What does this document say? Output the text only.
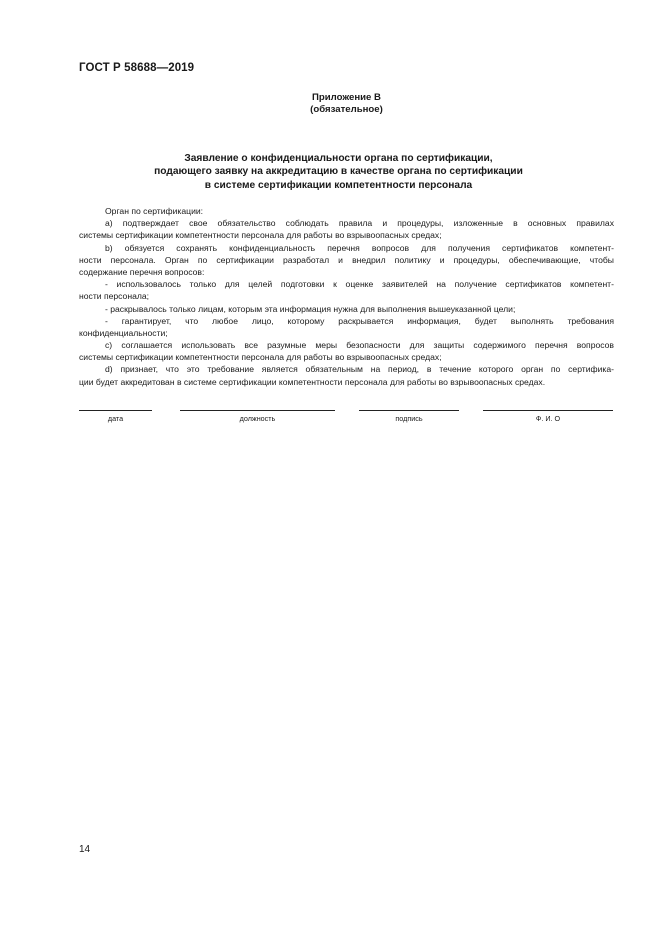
ГОСТ Р 58688—2019
Приложение В
(обязательное)
Заявление о конфиденциальности органа по сертификации,
подающего заявку на аккредитацию в качестве органа по сертификации
в системе сертификации компетентности персонала
Орган по сертификации:
a) подтверждает свое обязательство соблюдать правила и процедуры, изложенные в основных правилах
системы сертификации компетентности персонала для работы во взрывоопасных средах;
b) обязуется сохранять конфиденциальность перечня вопросов для получения сертификатов компетент-
ности персонала. Орган по сертификации разработал и внедрил политику и процедуры, обеспечивающие, чтобы
содержание перечня вопросов:
- использовалось только для целей подготовки к оценке заявителей на получение сертификатов компетент-
ности персонала;
- раскрывалось только лицам, которым эта информация нужна для выполнения вышеуказанной цели;
- гарантирует, что любое лицо, которому раскрывается информация, будет выполнять требования
конфиденциальности;
c) соглашается использовать все разумные меры безопасности для защиты содержимого перечня вопросов
системы сертификации компетентности персонала для работы во взрывоопасных средах;
d) признает, что это требование является обязательным на период, в течение которого орган по сертифика-
ции будет аккредитован в системе сертификации компетентности персонала для работы во взрывоопасных средах.
дата	должность	подпись	Ф. И. О
14
